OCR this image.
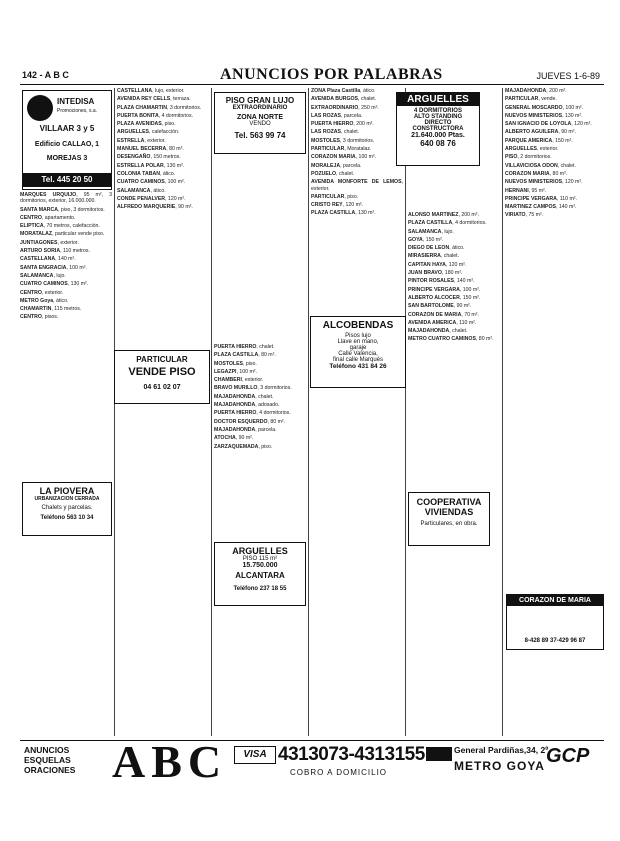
142 - A B C	ANUNCIOS POR PALABRAS	JUEVES 1-6-89
MARQUES URQUIJO, 95 m², 3 dormitorios, exterior, 16.000.000.
SANTA MARCA, piso, 3 dormitorios.
CENTRO, apartamento.
ELIPTICA, 70 metros, calefacción.
MORATALAZ, particular vende piso.
JUNTIAGONES, exterior.
ARTURO SORIA, 110 metros.
CASTELLANA, 140 m².
SANTA ENGRACIA, 100 m².
SALAMANCA, lujo.
CUATRO CAMINOS, 130 m².
CENTRO, exterior.
METRO Goya, ático.
CHAMARTIN, 115 metros.
CENTRO, pisos.
CASTELLANA, lujo, exterior.
AVENIDA REY CELLS, terraza.
PLAZA CHAMARTIN, 3 dormitorios.
PUERTA BONITA, 4 dormitorios.
PLAZA AVENIDAS, piso.
ARGUELLES, calefacción.
ESTRELLA, exterior.
MANUEL BECERRA, 80 m².
DESENGAÑO, 150 metros.
ESTRELLA POLAR, 130 m².
COLONIA TABAN, ático.
CUATRO CAMINOS, 100 m².
SALAMANCA, ático.
CONDE PENALVER, 120 m².
ALFREDO MARQUERIE, 90 m².
PUERTA HIERRO, chalet.
PLAZA CASTILLA, 80 m².
MOSTOLES, piso.
LEGAZPI, 100 m².
CHAMBERI, exterior.
BRAVO MURILLO, 3 dormitorios.
MAJADAHONDA, chalet.
MAJADAHONDA, adosado.
PUERTA HIERRO, 4 dormitorios.
DOCTOR ESQUERDO, 80 m².
MAJADAHONDA, parcela.
ATOCHA, 90 m².
ZARZAQUEMADA, piso.
ZONA Plaza Castilla, ático.
AVENIDA BURGOS, chalet.
EXTRAORDINARIO, 250 m².
LAS ROZAS, parcela.
PUERTA HIERRO, 200 m².
LAS ROZAS, chalet.
MOSTOLES, 3 dormitorios.
PARTICULAR, Moratalaz.
CORAZON MARIA, 100 m².
MORALEJA, parcela.
POZUELO, chalet.
AVENIDA MONFORTE DE LEMOS, exterior.
PARTICULAR, piso.
CRISTO REY, 120 m².
PLAZA CASTILLA, 130 m².	ALONSO MARTINEZ, 200 m².
PLAZA CASTILLA, 4 dormitorios.
SALAMANCA, lujo.
GOYA, 150 m².
DIEGO DE LEON, ático.
MIRASIERRA, chalet.
CAPITAN HAYA, 120 m².
JUAN BRAVO, 180 m².
PINTOR ROSALES, 140 m².
PRINCIPE VERGARA, 100 m².
ALBERTO ALCOCER, 150 m².
SAN BARTOLOME, 90 m².
CORAZON DE MARIA, 70 m².
AVENIDA AMERICA, 110 m².
MAJADAHONDA, chalet.
METRO CUATRO CAMINOS, 80 m².
MAJADAHONDA, 200 m².
PARTICULAR, vende.
GENERAL MOSCARDO, 100 m².
NUEVOS MINISTERIOS, 130 m².
SAN IGNACIO DE LOYOLA, 120 m².
ALBERTO AGUILERA, 90 m².
PARQUE AMERICA, 150 m².
ARGUELLES, exterior.
PISO, 2 dormitorios.
VILLAVICIOSA ODON, chalet.
CORAZON MARIA, 80 m².
NUEVOS MINISTERIOS, 120 m².
HERNANI, 95 m².
PRINCIPE VERGARA, 110 m².
MARTINEZ CAMPOS, 140 m².
VIRIATO, 75 m².
INTEDISA
Promociones, s.a.
VILLAAR 3 y 5
Edificio CALLAO, 1
MOREJAS 3
Tel. 445 20 50
PISO GRAN LUJO
EXTRAORDINARIO
ZONA NORTE
VENDO
Tel. 563 99 74
ARGUELLES
4 DORMITORIOS
ALTO STANDING
DIRECTO
CONSTRUCTORA
21.640.000 Ptas.
640 08 76
PARTICULAR
VENDE PISO
04 61 02 07
ALCOBENDAS
Pisos lujo
Llave en mano,
garaje
Calle Valencia,
final calle Marqués
Teléfono 431 84 26
LA PIOVERA
URBANIZACION CERRADA
Chalets y parcelas.
Teléfono 563 10 34
ARGUELLES
PISO 115 m²
15.750.000
ALCANTARA
Teléfono 237 18 55
COOPERATIVA
VIVIENDAS
Particulares, en obra.
CORAZON DE MARIA
8-428 89 37-429 96 87
ANUNCIOS
ESQUELAS
ORACIONES ABC	VISA 4313073-4313155
COBRO A DOMICILIO
General Pardiñas,34, 2º
METRO GOYA GCP
